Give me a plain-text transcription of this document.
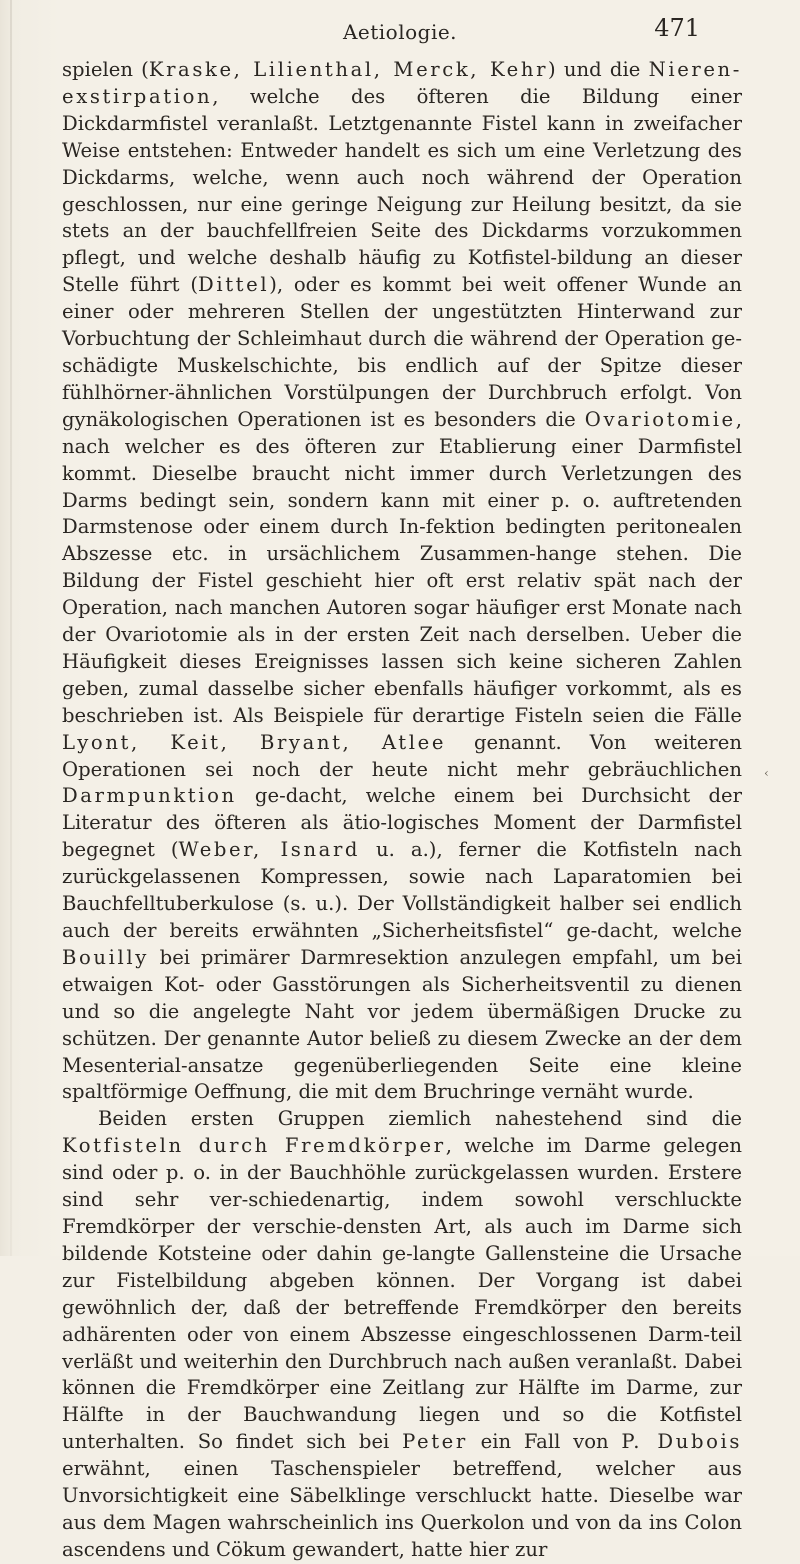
Aetiologie.	471

spielen (Kraske, Lilienthal, Merck, Kehr) und die Nieren-exstirpation, welche des öfteren die Bildung einer Dickdarmfistel veranlaßt. Letztgenannte Fistel kann in zweifacher Weise entstehen: Entweder handelt es sich um eine Verletzung des Dickdarms, welche, wenn auch noch während der Operation geschlossen, nur eine geringe Neigung zur Heilung besitzt, da sie stets an der bauchfellfreien Seite des Dickdarms vorzukommen pflegt, und welche deshalb häufig zu Kotfistel-bildung an dieser Stelle führt (Dittel), oder es kommt bei weit offener Wunde an einer oder mehreren Stellen der ungestützten Hinterwand zur Vorbuchtung der Schleimhaut durch die während der Operation ge-schädigte Muskelschichte, bis endlich auf der Spitze dieser fühlhörner-ähnlichen Vorstülpungen der Durchbruch erfolgt. Von gynäkologischen Operationen ist es besonders die Ovariotomie, nach welcher es des öfteren zur Etablierung einer Darmfistel kommt. Dieselbe braucht nicht immer durch Verletzungen des Darms bedingt sein, sondern kann mit einer p. o. auftretenden Darmstenose oder einem durch In-fektion bedingten peritonealen Abszesse etc. in ursächlichem Zusammen-hange stehen. Die Bildung der Fistel geschieht hier oft erst relativ spät nach der Operation, nach manchen Autoren sogar häufiger erst Monate nach der Ovariotomie als in der ersten Zeit nach derselben. Ueber die Häufigkeit dieses Ereignisses lassen sich keine sicheren Zahlen geben, zumal dasselbe sicher ebenfalls häufiger vorkommt, als es beschrieben ist. Als Beispiele für derartige Fisteln seien die Fälle Lyont, Keit, Bryant, Atlee genannt. Von weiteren Operationen sei noch der heute nicht mehr gebräuchlichen Darmpunktion ge-dacht, welche einem bei Durchsicht der Literatur des öfteren als ätio-logisches Moment der Darmfistel begegnet (Weber, Isnard u. a.), ferner die Kotfisteln nach zurückgelassenen Kompressen, sowie nach Laparatomien bei Bauchfelltuberkulose (s. u.). Der Vollständigkeit halber sei endlich auch der bereits erwähnten „Sicherheitsfistel“ ge-dacht, welche Bouilly bei primärer Darmresektion anzulegen empfahl, um bei etwaigen Kot- oder Gasstörungen als Sicherheitsventil zu dienen und so die angelegte Naht vor jedem übermäßigen Drucke zu schützen. Der genannte Autor beließ zu diesem Zwecke an der dem Mesenterial-ansatze gegenüberliegenden Seite eine kleine spaltförmige Oeffnung, die mit dem Bruchringe vernäht wurde.

Beiden ersten Gruppen ziemlich nahestehend sind die Kotfisteln durch Fremdkörper, welche im Darme gelegen sind oder p. o. in der Bauchhöhle zurückgelassen wurden. Erstere sind sehr ver-schiedenartig, indem sowohl verschluckte Fremdkörper der verschie-densten Art, als auch im Darme sich bildende Kotsteine oder dahin ge-langte Gallensteine die Ursache zur Fistelbildung abgeben können. Der Vorgang ist dabei gewöhnlich der, daß der betreffende Fremdkörper den bereits adhärenten oder von einem Abszesse eingeschlossenen Darm-teil verläßt und weiterhin den Durchbruch nach außen veranlaßt. Dabei können die Fremdkörper eine Zeitlang zur Hälfte im Darme, zur Hälfte in der Bauchwandung liegen und so die Kotfistel unterhalten. So findet sich bei Peter ein Fall von P. Dubois erwähnt, einen Taschenspieler betreffend, welcher aus Unvorsichtigkeit eine Säbelklinge verschluckt hatte. Dieselbe war aus dem Magen wahrscheinlich ins Querkolon und von da ins Colon ascendens und Cökum gewandert, hatte hier zur

‹
